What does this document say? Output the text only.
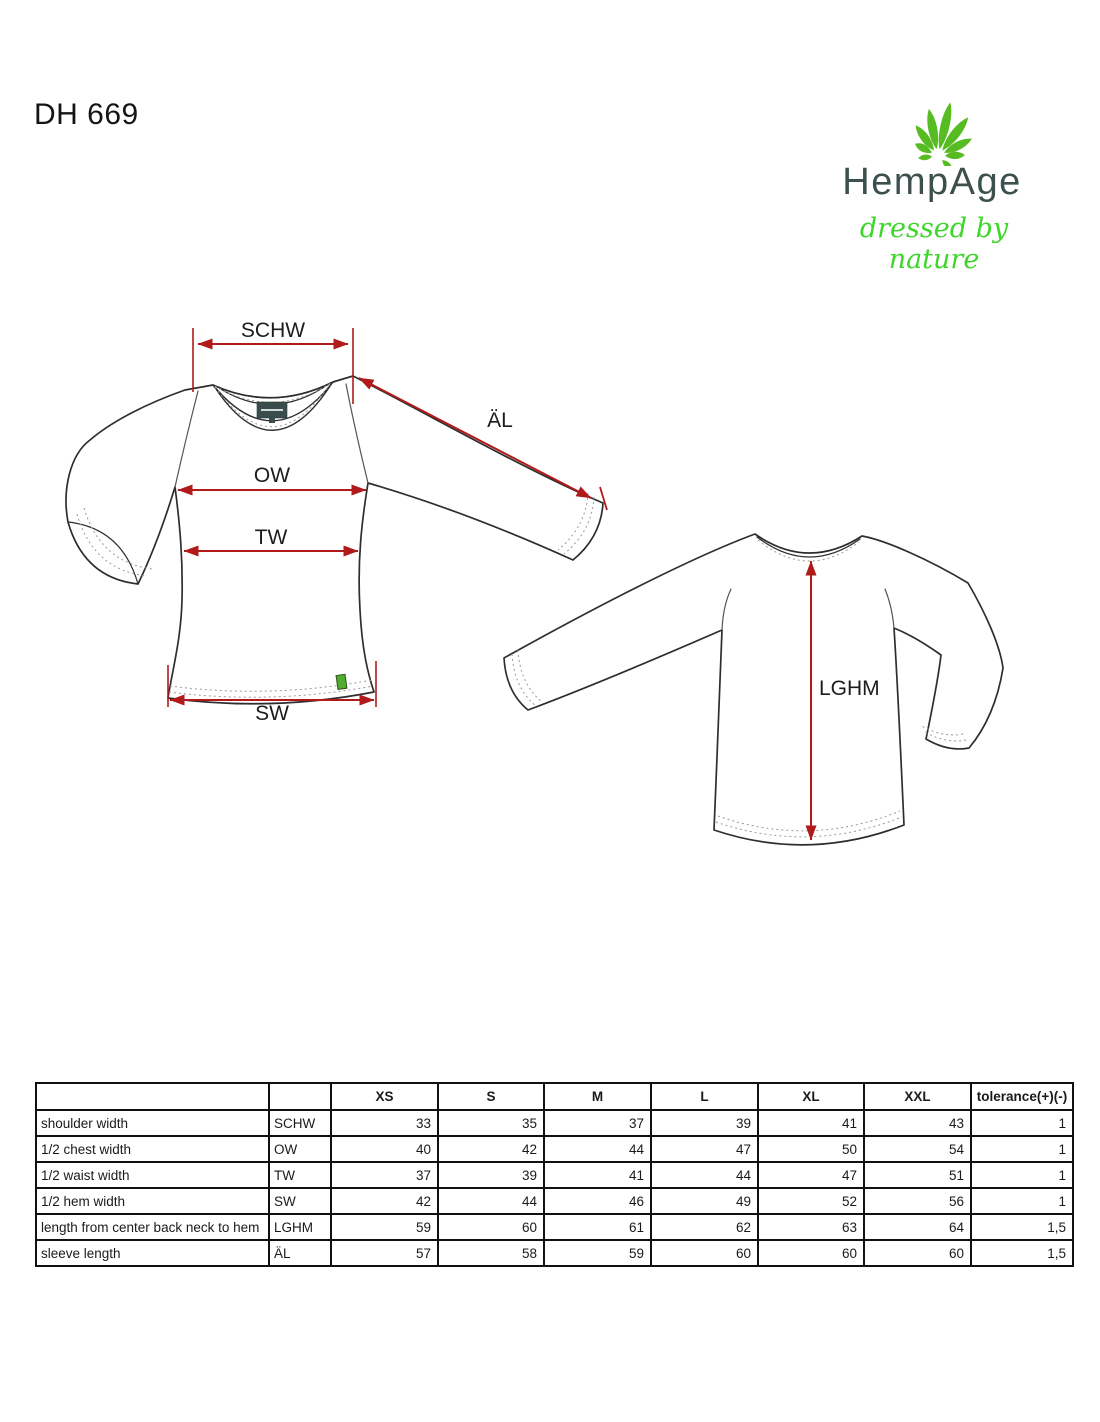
DH 669
HempAge
dressed by nature
SCHW
ÄL
OW
TW
SW
LGHM
		XS	S	M	L	XL	XXL	tolerance(+)(-)
shoulder width	SCHW	33	35	37	39	41	43	1
1/2 chest width	OW	40	42	44	47	50	54	1
1/2 waist width	TW	37	39	41	44	47	51	1
1/2 hem width	SW	42	44	46	49	52	56	1
length from center back neck to hem	LGHM	59	60	61	62	63	64	1,5
sleeve length	ÄL	57	58	59	60	60	60	1,5
